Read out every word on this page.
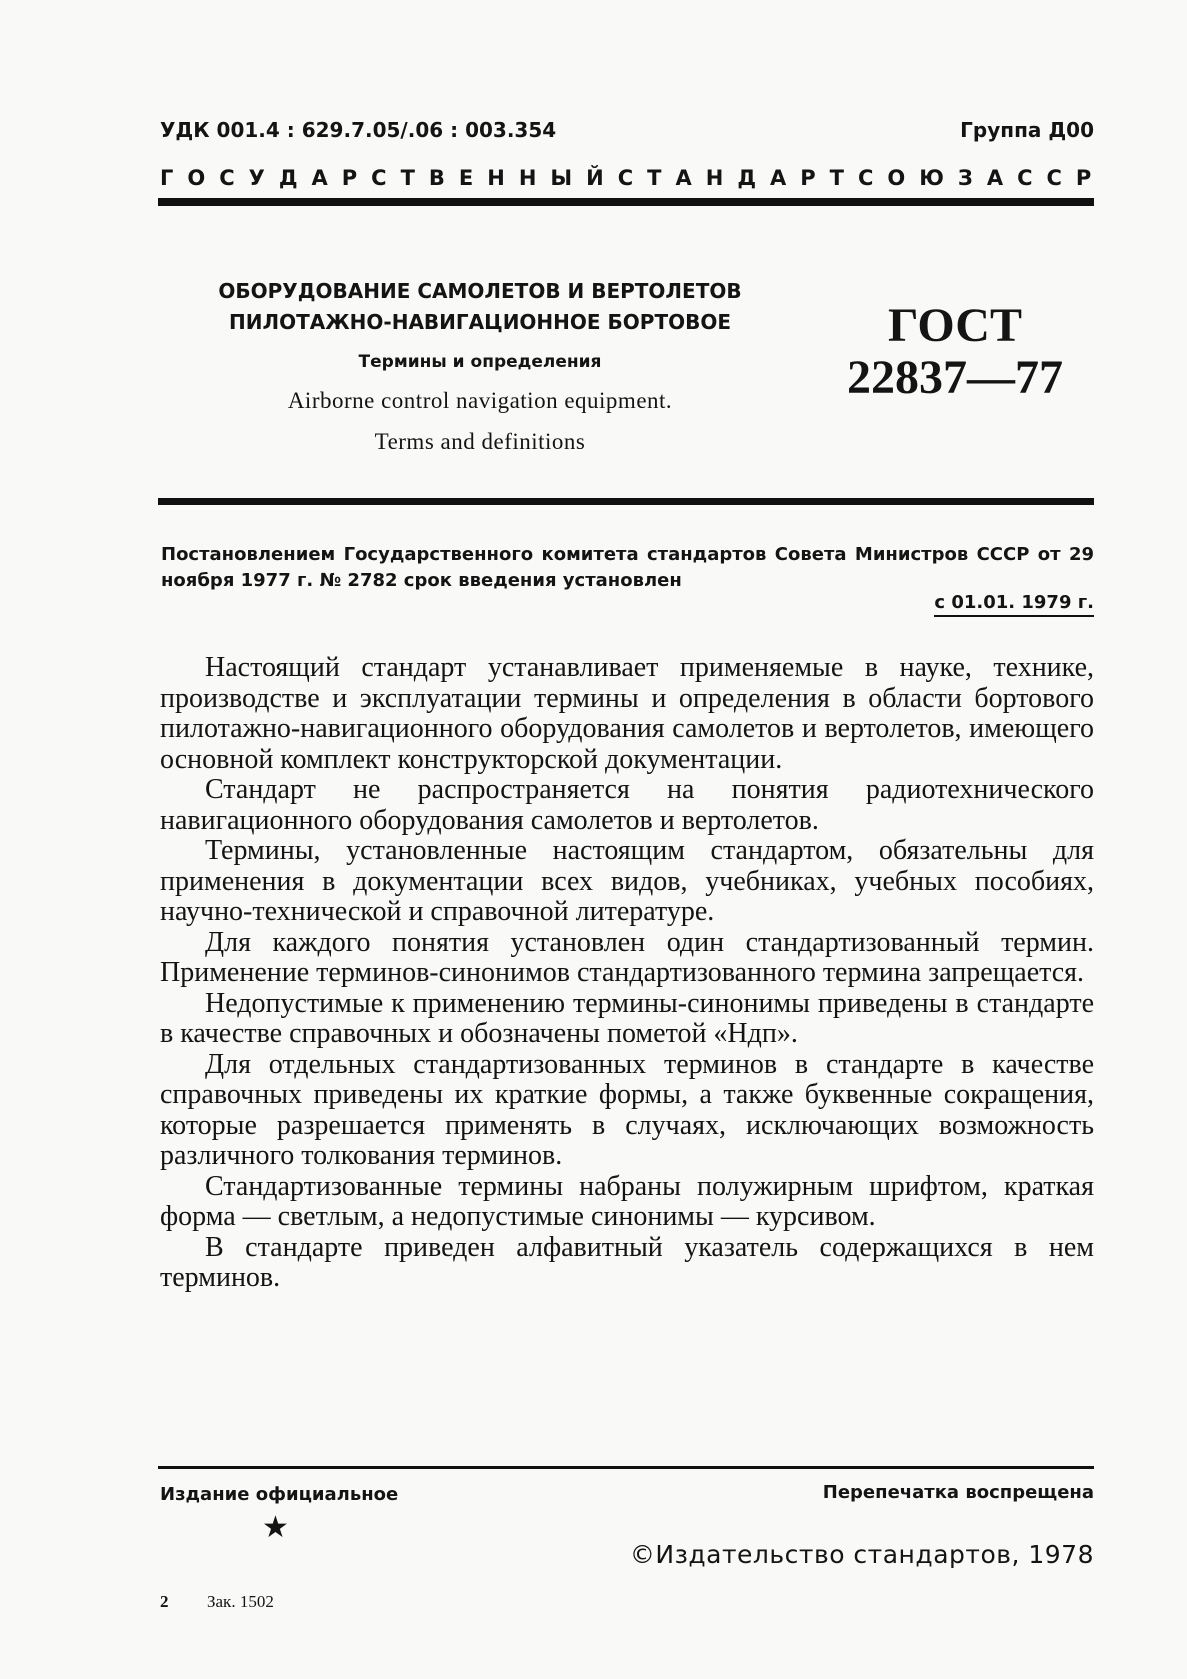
УДК 001.4 : 629.7.05/.06 : 003.354	Группа Д00
ГОСУДАРСТВЕННЫЙ СТАНДАРТ СОЮЗА ССР
ОБОРУДОВАНИЕ САМОЛЕТОВ И ВЕРТОЛЕТОВ
ПИЛОТАЖНО-НАВИГАЦИОННОЕ БОРТОВОЕ
Термины и определения
Airborne control navigation equipment.
Terms and definitions
ГОСТ
22837—77
Постановлением Государственного комитета стандартов Совета Министров СССР от 29 ноября 1977 г. № 2782 срок введения установлен
с 01.01. 1979 г.

Настоящий стандарт устанавливает применяемые в науке, технике, производстве и эксплуатации термины и определения в области бортового пилотажно-навигационного оборудования самолетов и вертолетов, имеющего основной комплект конструкторской документации.

Стандарт не распространяется на понятия радиотехнического навигационного оборудования самолетов и вертолетов.

Термины, установленные настоящим стандартом, обязательны для применения в документации всех видов, учебниках, учебных пособиях, научно-технической и справочной литературе.

Для каждого понятия установлен один стандартизованный термин. Применение терминов-синонимов стандартизованного термина запрещается.

Недопустимые к применению термины-синонимы приведены в стандарте в качестве справочных и обозначены пометой «Ндп».

Для отдельных стандартизованных терминов в стандарте в качестве справочных приведены их краткие формы, а также буквенные сокращения, которые разрешается применять в случаях, исключающих возможность различного толкования терминов.

Стандартизованные термины набраны полужирным шрифтом, краткая форма — светлым, а недопустимые синонимы — курсивом.

В стандарте приведен алфавитный указатель содержащихся в нем терминов.

Издание официальное	Перепечатка воспрещена
★
©Издательство стандартов, 1978
2 Зак. 1502
